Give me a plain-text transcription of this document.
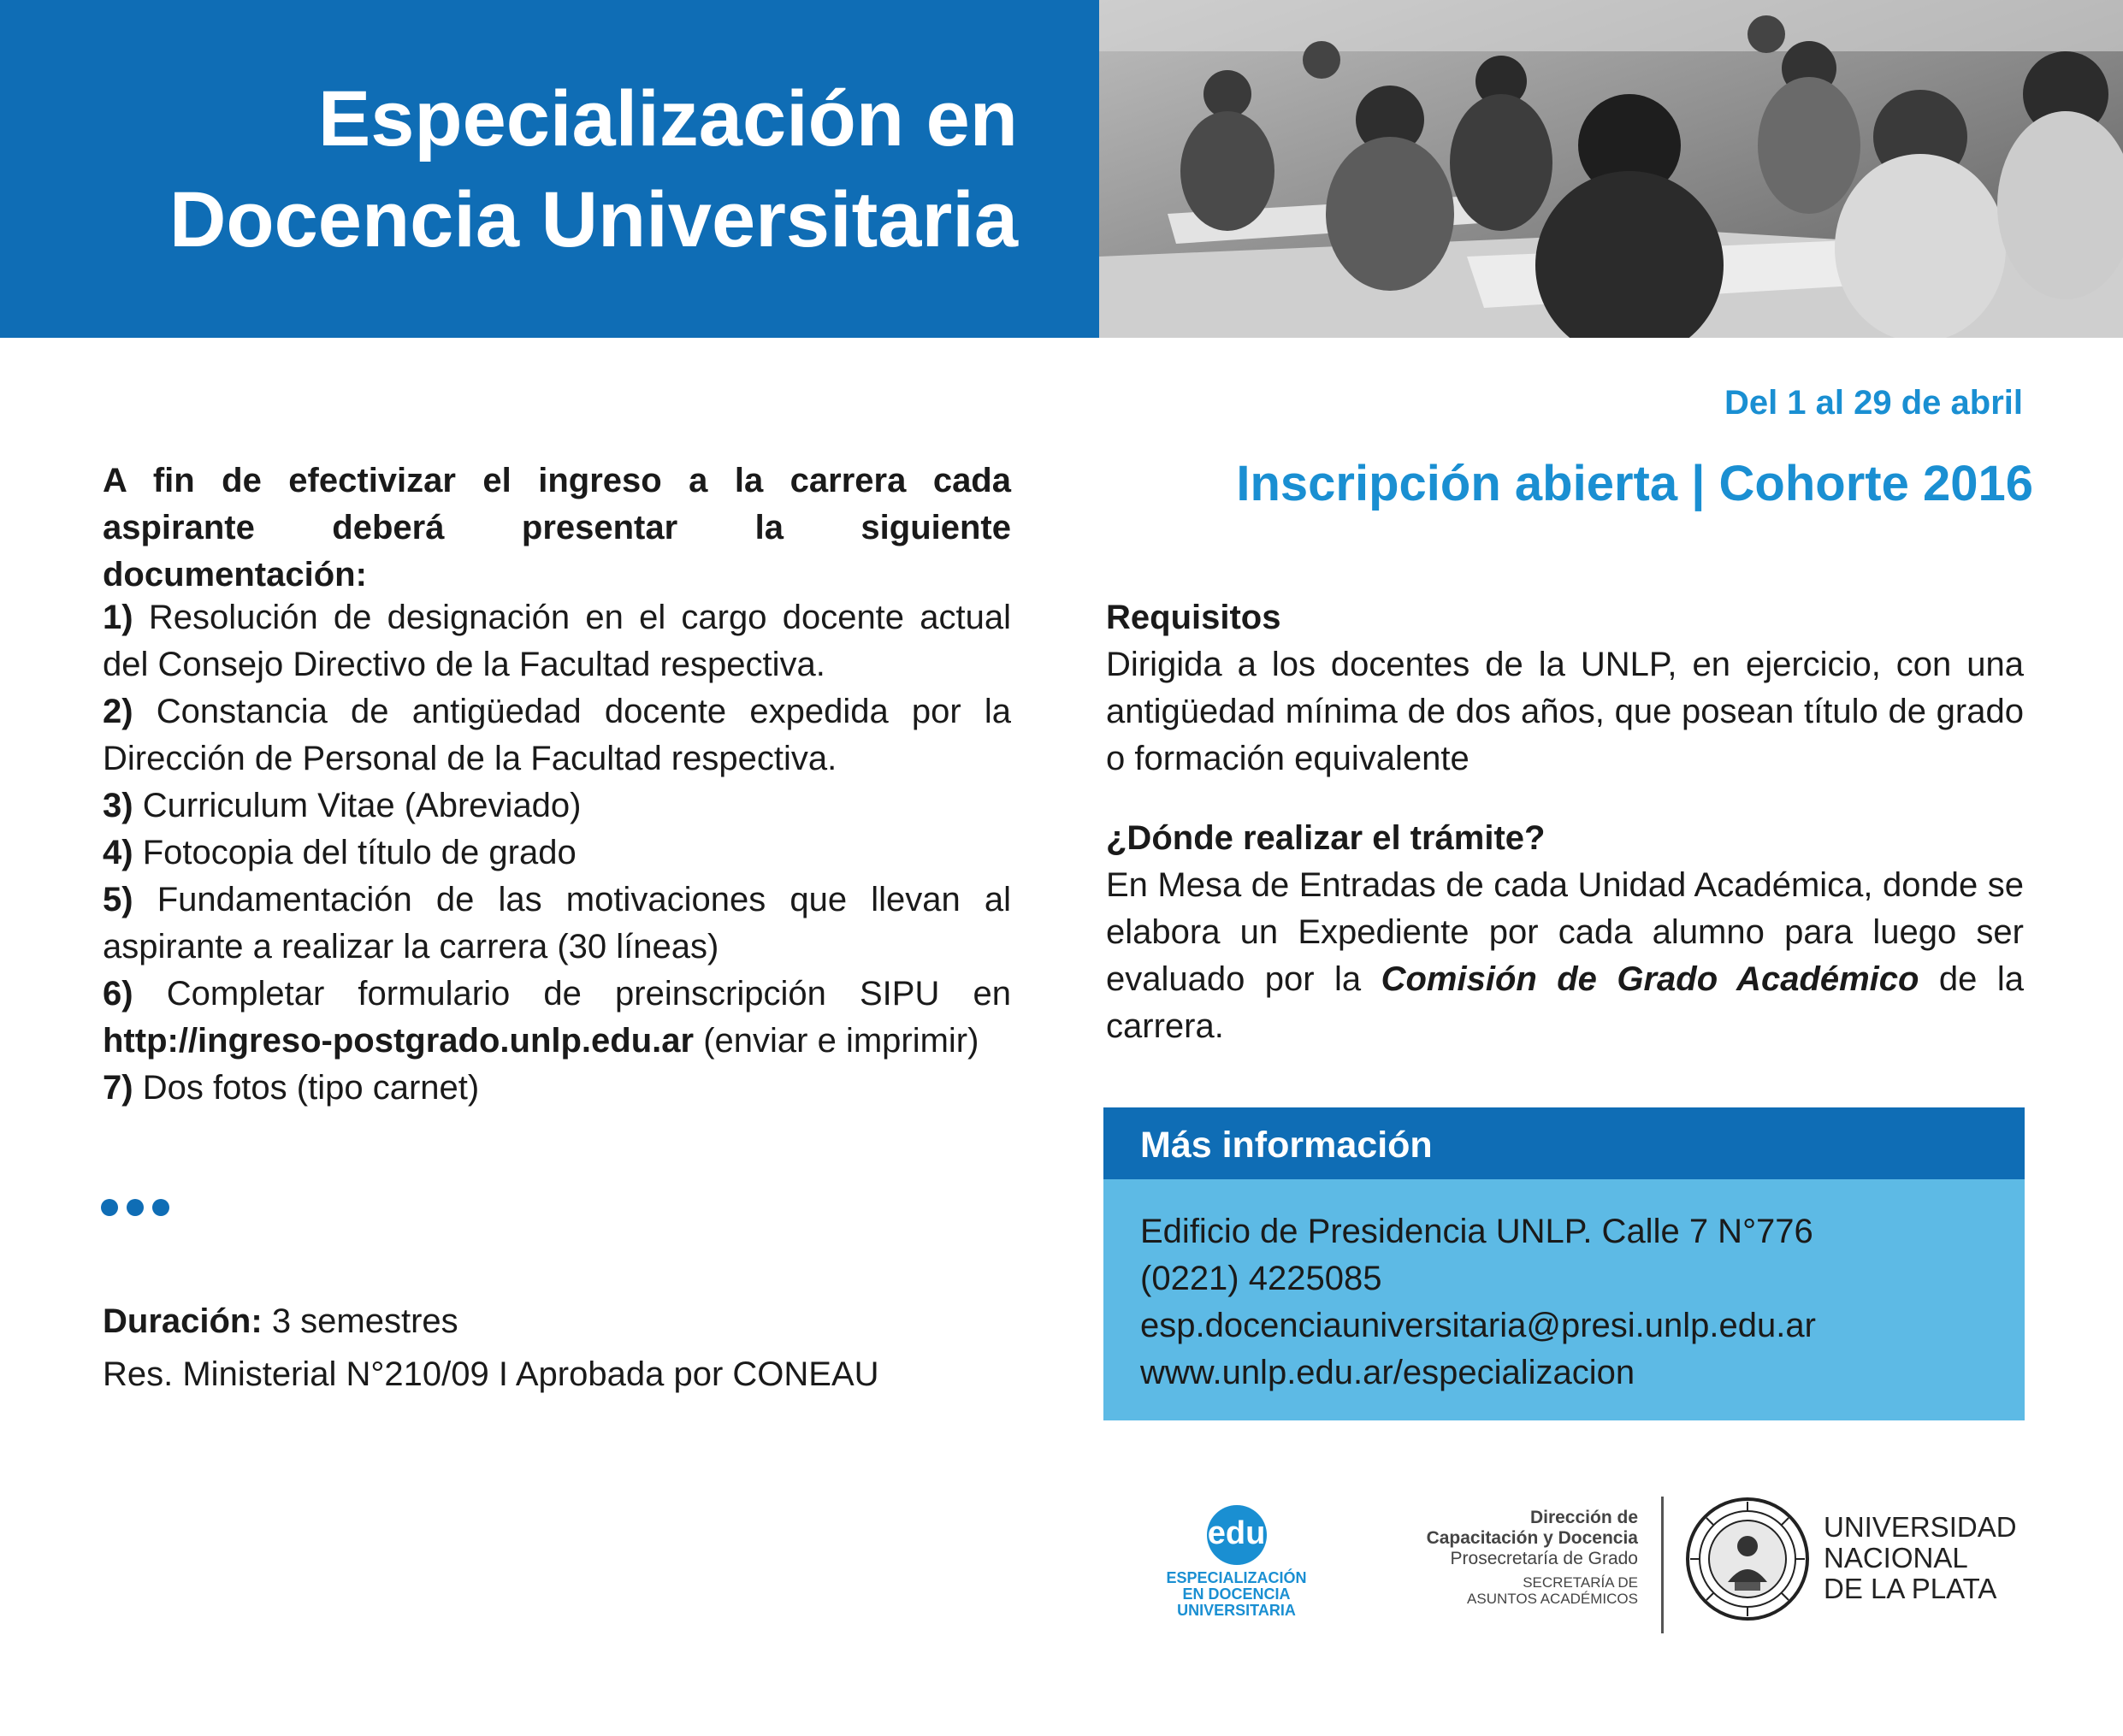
Especialización en
Docencia Universitaria
A fin de efectivizar el ingreso a la carrera cada aspirante deberá presentar la siguiente documentación:
1) Resolución de designación en el cargo docente actual del Consejo Directivo de la Facultad respectiva.
2) Constancia de antigüedad docente expedida por la Dirección de Personal de la Facultad respectiva.
3) Curriculum Vitae (Abreviado)
4) Fotocopia del título de grado
5) Fundamentación de las motivaciones que llevan al aspirante a realizar la carrera (30 líneas)
6) Completar formulario de preinscripción SIPU en http://ingreso-postgrado.unlp.edu.ar (enviar e imprimir)
7) Dos fotos (tipo carnet)
Duración: 3 semestres
Res. Ministerial N°210/09 I Aprobada por CONEAU
Del 1 al 29 de abril
Inscripción abierta | Cohorte 2016
Requisitos
Dirigida a los docentes de la UNLP, en ejercicio, con una antigüedad mínima de dos años, que posean título de grado o formación equivalente
¿Dónde realizar el trámite?
En Mesa de Entradas de cada Unidad Académica, donde se elabora un Expediente por cada alumno para luego ser evaluado por la Comisión de Grado Académico de la carrera.
Más información
Edificio de Presidencia UNLP. Calle 7 N°776
(0221) 4225085
esp.docenciauniversitaria@presi.unlp.edu.ar
www.unlp.edu.ar/especializacion
edu
ESPECIALIZACIÓN
EN DOCENCIA
UNIVERSITARIA
Dirección de
Capacitación y Docencia
Prosecretaría de Grado
SECRETARÍA DE
ASUNTOS ACADÉMICOS
UNIVERSIDAD
NACIONAL
DE LA PLATA
